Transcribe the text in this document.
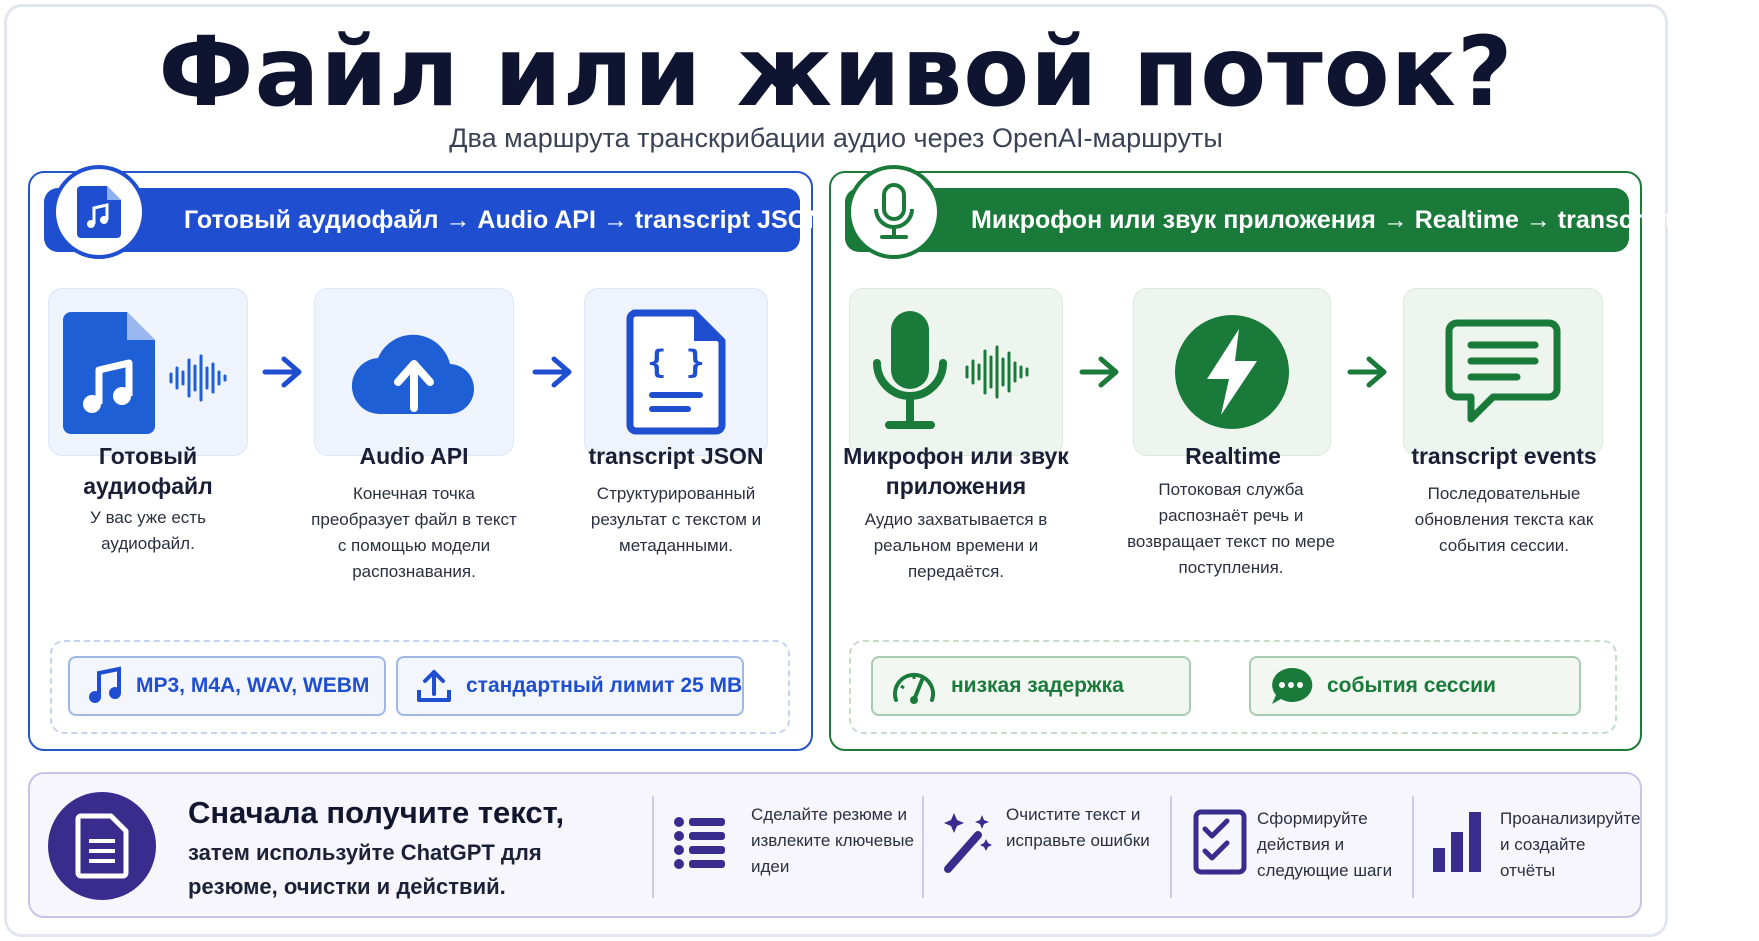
Файл или живой поток?
Два маршрута транскрибации аудио через OpenAI-маршруты
Готовый аудиофайл → Audio API → transcript JSON
{ }
Готовый аудиофайл
У вас уже есть аудиофайл.
Audio API
Конечная точка преобразует файл в текст с помощью модели распознавания.
transcript JSON
Структурированный результат с текстом и метаданными.
MP3, M4A, WAV, WEBM	стандартный лимит 25 MB
Микрофон или звук приложения → Realtime → transcript events
Микрофон или звук приложения
Аудио захватывается в реальном времени и передаётся.
Realtime
Потоковая служба распознаёт речь и возвращает текст по мере поступления.
transcript events
Последовательные обновления текста как события сессии.
низкая задержка	события сессии
Сначала получите текст,
затем используйте ChatGPT для резюме, очистки и действий.
Сделайте резюме и извлеките ключевые идеи
Очистите текст и исправьте ошибки
Сформируйте действия и следующие шаги
Проанализируйте и создайте отчёты
